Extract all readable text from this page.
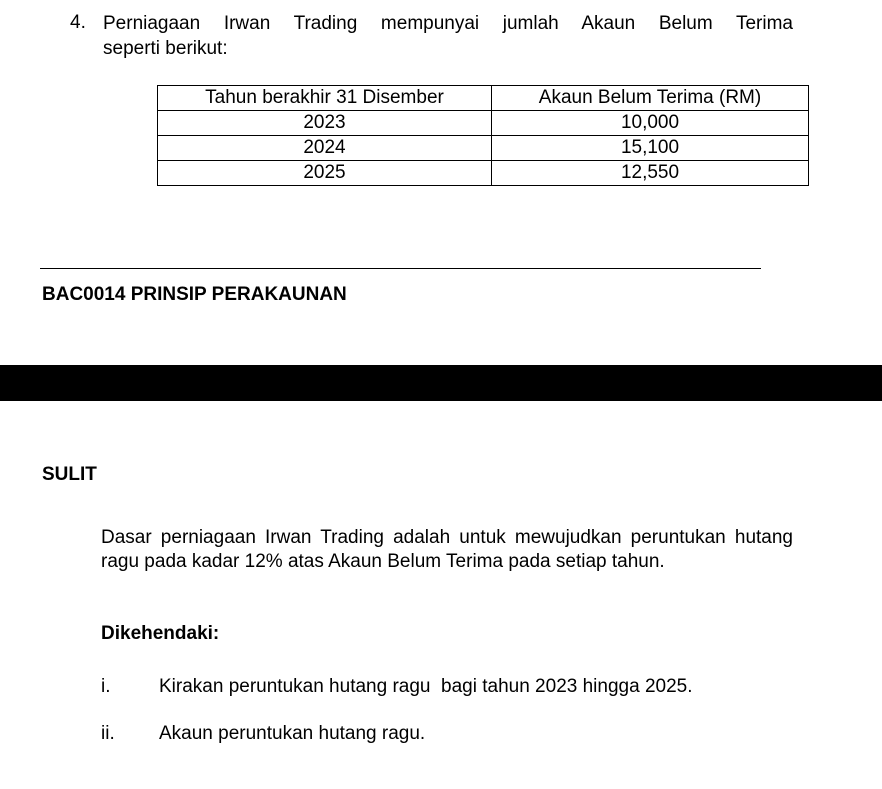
4. Perniagaan Irwan Trading mempunyai jumlah Akaun Belum Terima
seperti berikut:
Tahun berakhir 31 Disember	Akaun Belum Terima (RM)
2023	10,000
2024	15,100
2025	12,550
BAC0014 PRINSIP PERAKAUNAN
SULIT
Dasar perniagaan Irwan Trading adalah untuk mewujudkan peruntukan hutang ragu pada kadar 12% atas Akaun Belum Terima pada setiap tahun.
Dikehendaki:
i.	Kirakan peruntukan hutang ragu  bagi tahun 2023 hingga 2025.
ii. Akaun peruntukan hutang ragu.
